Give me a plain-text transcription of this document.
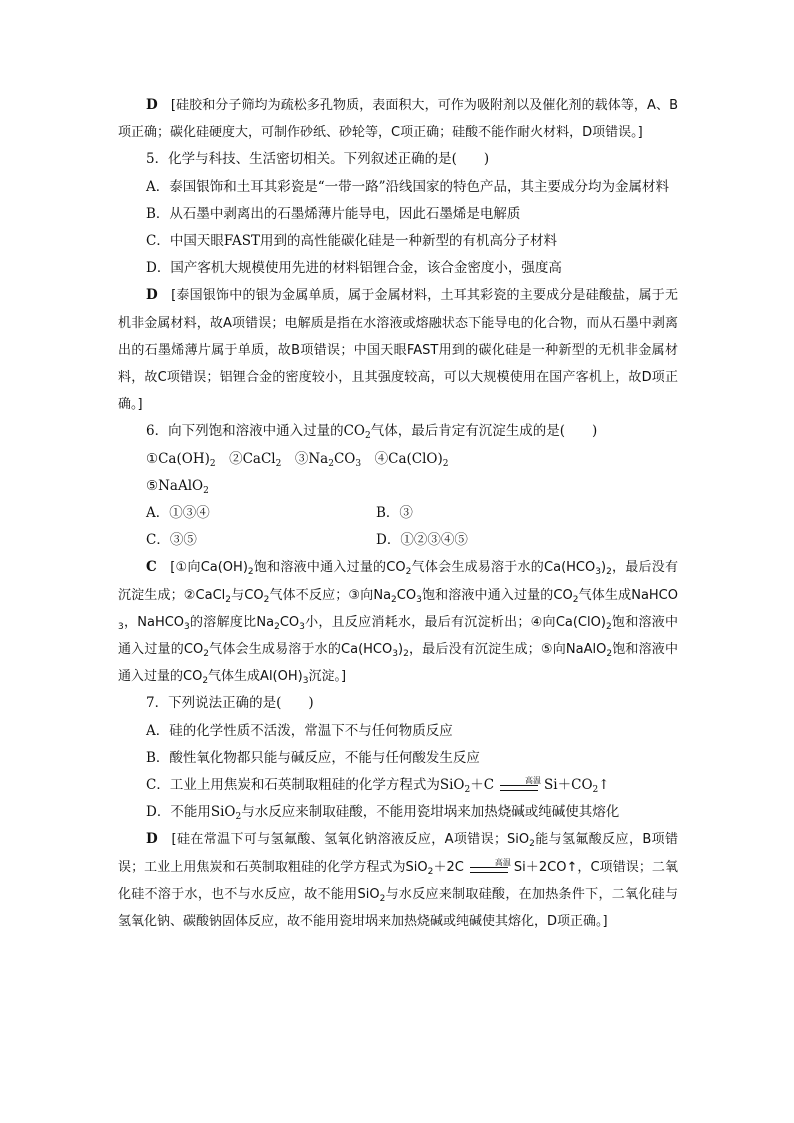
D　 [硅胶和分子筛均为疏松多孔物质，表面积大，可作为吸附剂以及催化剂的载体等，A、B项正确；碳化硅硬度大，可制作砂纸、砂轮等，C项正确；硅酸不能作耐火材料，D项错误。]

5．化学与科技、生活密切相关。下列叙述正确的是(　　)

A．泰国银饰和土耳其彩瓷是“一带一路”沿线国家的特色产品，其主要成分均为金属材料

B．从石墨中剥离出的石墨烯薄片能导电，因此石墨烯是电解质

C．中国天眼FAST用到的高性能碳化硅是一种新型的有机高分子材料

D．国产客机大规模使用先进的材料铝锂合金，该合金密度小，强度高

D　 [泰国银饰中的银为金属单质，属于金属材料，土耳其彩瓷的主要成分是硅酸盐，属于无机非金属材料，故A项错误；电解质是指在水溶液或熔融状态下能导电的化合物，而从石墨中剥离出的石墨烯薄片属于单质，故B项错误；中国天眼FAST用到的碳化硅是一种新型的无机非金属材料，故C项错误；铝锂合金的密度较小，且其强度较高，可以大规模使用在国产客机上，故D项正确。]

6．向下列饱和溶液中通入过量的$CO_2$气体，最后肯定有沉淀生成的是(　　)

$①Ca(OH)_2$　②CaCl$_2$　$③Na_2CO_3$　$④Ca(ClO)_2$

⑤NaAlO$_2$

A．①③④	B．③
C．③⑤	D．①②③④⑤

C　[①向$Ca(OH)_2$饱和溶液中通入过量的$CO_2$气体会生成易溶于水的$Ca(HCO_3)_2$，最后没有沉淀生成；②CaCl$_2$与$CO_2$气体不反应；③向$Na_2CO_3$饱和溶液中通入过量的$CO_2$气体生成NaHCO$_3$，NaHCO$_3$的溶解度比$Na_2CO_3$小，且反应消耗水，最后有沉淀析出；④向$Ca(ClO)_2$饱和溶液中通入过量的$CO_2$气体会生成易溶于水的$Ca(HCO_3)_2$，最后没有沉淀生成；⑤向NaAlO$_2$饱和溶液中通入过量的$CO_2$气体生成$Al(OH)_3$沉淀。]

7．下列说法正确的是(　　)

A．硅的化学性质不活泼，常温下不与任何物质反应

B．酸性氧化物都只能与碱反应，不能与任何酸发生反应

C．工业上用焦炭和石英制取粗硅的化学方程式为SiO$_2$＋C	高温 $Si+CO_2↑$

D．不能用SiO$_2$与水反应来制取硅酸，不能用瓷坩埚来加热烧碱或纯碱使其熔化

D　[硅在常温下可与氢氟酸、氢氧化钠溶液反应，A项错误；SiO$_2$能与氢氟酸反应，B项错误；工业上用焦炭和石英制取粗硅的化学方程式为SiO$_2$＋2C	高温 Si＋2CO↑，C项错误；二氧化硅不溶于水，也不与水反应，故不能用SiO$_2$与水反应来制取硅酸，在加热条件下，二氧化硅与氢氧化钠、碳酸钠固体反应，故不能用瓷坩埚来加热烧碱或纯碱使其熔化，D项正确。]
